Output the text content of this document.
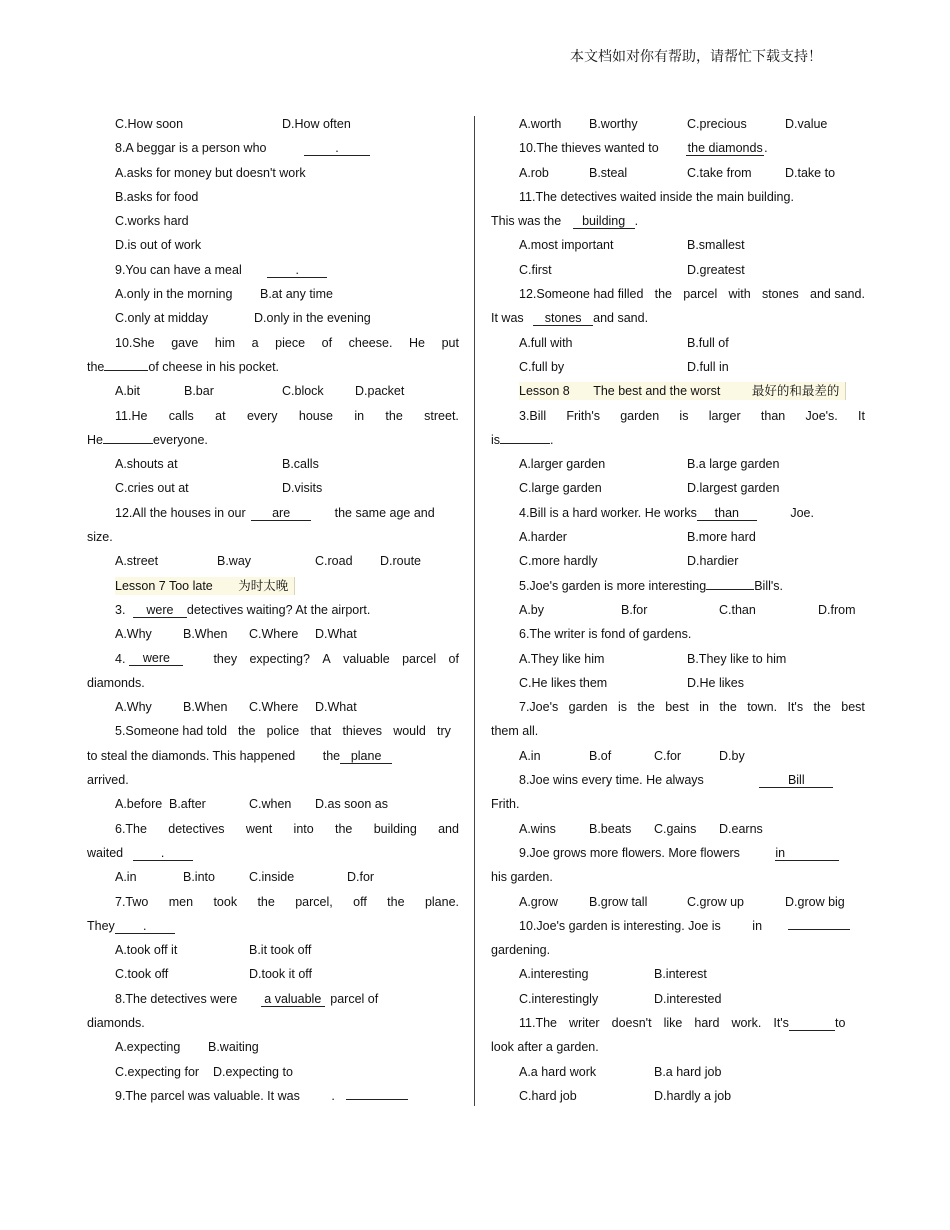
本文档如对你有帮助，请帮忙下载支持！
C.How soon	D.How often
8.A beggar is a person who	.
A.asks for money but doesn't work
B.asks for food
C.works hard
D.is out of work
9.You can have a meal	.
A.only in the morning B.at any time
C.only at midday	D.only in the evening
10.She gave him a piece of cheese. He put
the	of cheese in his pocket.
A.bit	B.bar	C.block	D.packet
11.He calls at every house in the street.
He	everyone.
A.shouts at	B.calls
C.cries out at	D.visits
12.All the houses in our are	the same age and
size.
A.street	B.way	C.road D.route
Lesson 7 Too late 为时太晚
3. were detectives waiting? At the airport.
A.Why B.When C.Where D.What
4.	were	they expecting? A valuable parcel of
diamonds.
A.Why B.When C.Where D.What
5.Someone had told the police that thieves would try
to steal the diamonds. This happened the plane
arrived.
A.before B.after	C.when D.as soon as
6.The detectives went into the building and
waited	.
A.in	B.into	C.inside	D.for
7.Two men took the parcel, off the plane.
They .
A.took off it	B.it took off
C.took off	D.took it off
8.The detectives were a valuable parcel of
diamonds.
A.expecting B.waiting
C.expecting for D.expecting to
9.The parcel was valuable. It was	.
A.worth B.worthy	C.precious	D.value
10.The thieves wanted to the diamonds.
A.rob	B.steal	C.take from	D.take to
11.The detectives waited inside the main building.
This was the building .
A.most important	B.smallest
C.first	D.greatest
12.Someone had filled the parcel with stones and sand.
It was stones and sand.
A.full with	B.full of
C.full by	D.full in
Lesson 8 The best and the worst	最好的和最差的
3.Bill Frith's garden is larger than Joe's. It
is	.
A.larger garden	B.a large garden
C.large garden	D.largest garden
4.Bill is a hard worker. He works than	Joe.
A.harder	B.more hard
C.more hardly	D.hardier
5.Joe's garden is more interesting	Bill's.
A.by	B.for	C.than	D.from
6.The writer is fond of gardens.
A.They like him	B.They like to him
C.He likes them	D.He likes
7.Joe's garden is the best in the town. It's the best
them all.
A.in	B.of	C.for	D.by
8.Joe wins every time. He always	Bill
Frith.
A.wins	B.beats C.gains D.earns
9.Joe grows more flowers. More flowers	in
his garden.
A.grow B.grow tall	C.grow up	D.grow big
10.Joe's garden is interesting. Joe is	in
gardening.
A.interesting	B.interest
C.interestingly	D.interested
11.The writer doesn't like hard work. It's	to
look after a garden.
A.a hard work	B.a hard job
C.hard job	D.hardly a job
